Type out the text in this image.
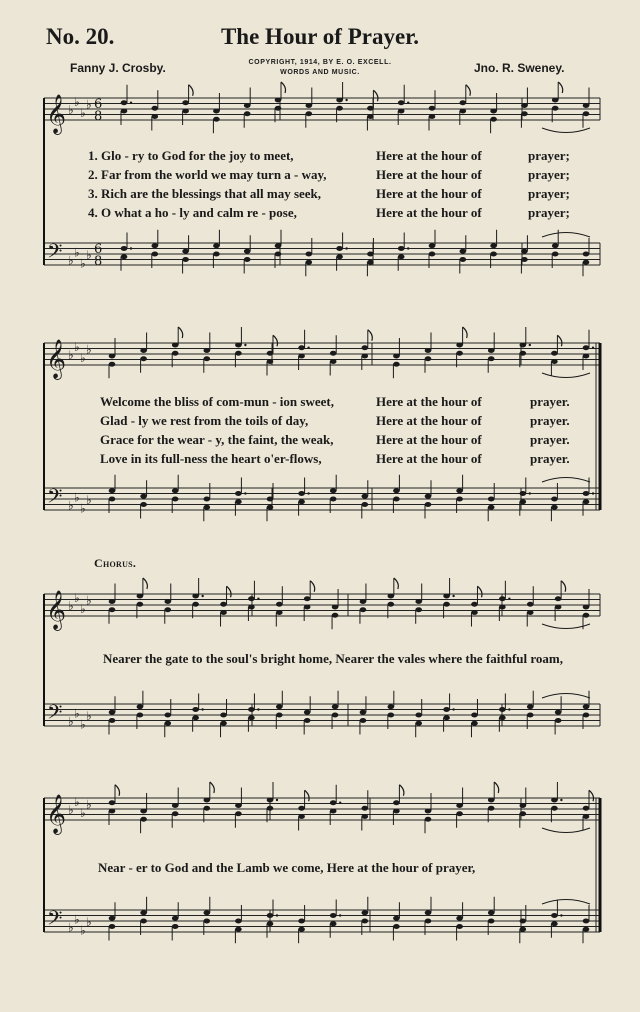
No. 20.	The Hour of Prayer.
Fanny J. Crosby.	COPYRIGHT, 1914, BY E. O. EXCELL.
WORDS AND MUSIC.	Jno. R. Sweney.
𝄞
𝄢
♭
♭
♭
♭
♭
♭
♭
♭
6
8
6
8
𝄞
𝄢
♭
♭
♭
♭
♭
♭
♭
♭
𝄞
𝄢
♭
♭
♭
♭
♭
♭
♭
♭
𝄞
𝄢
♭
♭
♭
♭
♭
♭
♭
♭
1. Glo - ry to God for the joy to meet,	Here at the hour of	prayer;
2. Far from the world we may turn a - way,	Here at the hour of	prayer;
3. Rich are the blessings that all may seek,	Here at the hour of	prayer;
4. O what a ho - ly and calm re - pose,	Here at the hour of	prayer;
Welcome the bliss of com-mun - ion sweet,	Here at the hour of	prayer.
Glad - ly we rest from the toils of day,	Here at the hour of	prayer.
Grace for the wear - y, the faint, the weak,	Here at the hour of	prayer.
Love in its full-ness the heart o'er-flows,	Here at the hour of	prayer.
Chorus.
Nearer the gate to the soul's bright home, Nearer the vales where the faithful roam,
Near - er to God and the Lamb we come, Here at the hour of prayer,
